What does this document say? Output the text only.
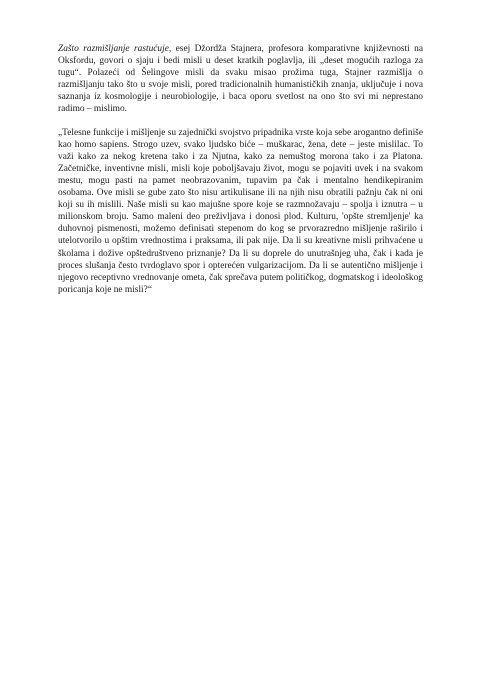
Zašto razmišljanje rastućuje, esej Džordža Stajnera, profesora komparativne književnosti na Oksfordu, govori o sjaju i bedi misli u deset kratkih poglavlja, ili „deset mogućih razloga za tugu“. Polazeći od Šelingove misli da svaku misao prožima tuga, Stajner razmišlja o razmišljanju tako što u svoje misli, pored tradicionalnih humanističkih znanja, uključuje i nova saznanja iz kosmologije i neurobiologije, i baca oporu svetlost na ono što svi mi neprestano radimo – mislimo.

„Telesne funkcije i mišljenje su zajednički svojstvo pripadnika vrste koja sebe arogantno definiše kao homo sapiens. Strogo uzev, svako ljudsko biće – muškarac, žena, dete – jeste mislilac. To važi kako za nekog kretena tako i za Njutna, kako za nemuštog morona tako i za Platona. Začetničke, inventivne misli, misli koje poboljšavaju život, mogu se pojaviti uvek i na svakom mestu, mogu pasti na pamet neobrazovanim, tupavim pa čak i mentalno hendikepiranim osobama. Ove misli se gube zato što nisu artikulisane ili na njih nisu obratili pažnju čak ni oni koji su ih mislili. Naše misli su kao majušne spore koje se razmnožavaju – spolja i iznutra – u milionskom broju. Samo maleni deo preživljava i donosi plod. Kulturu, 'opšte stremljenje' ka duhovnoj pismenosti, možemo definisati stepenom do kog se prvorazredno mišljenje raširilo i utelotvorilo u opštim vrednostima i praksama, ili pak nije. Da li su kreativne misli prihvaćene u školama i dožive opštedruštveno priznanje? Da li su doprele do unutrašnjeg uha, čak i kada je proces slušanja često tvrdoglavo spor i opterećen vulgarizacijom. Da li se autentično mišljenje i njegovo receptivno vrednovanje ometa, čak sprečava putem političkog, dogmatskog i ideološkog poricanja koje ne misli?“
